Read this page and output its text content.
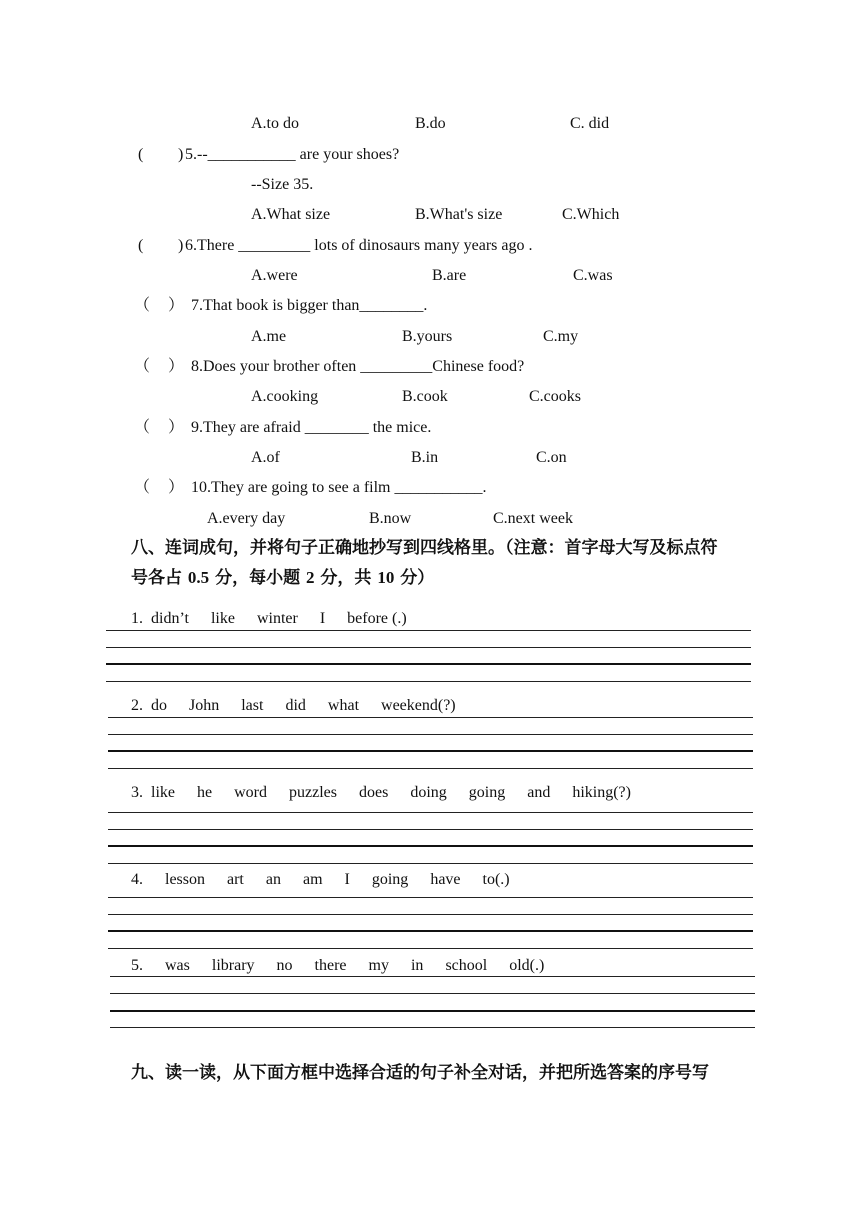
A.to do	B.do	C. did
( ) 5.--___________ are your shoes?
--Size 35.
A.What size	B.What's size	C.Which
( ) 6.There _________ lots of dinosaurs many years ago .
A.were	B.are	C.was
（ ） 7.That book is bigger than________.
A.me	B.yours	C.my
（ ） 8.Does your brother often _________Chinese food?
A.cooking	B.cook	C.cooks
（ ） 9.They are afraid ________ the mice.
A.of	B.in	C.on
（ ） 10.They are going to see a film ___________.
A.every day	B.now	C.next week
八、连词成句，并将句子正确地抄写到四线格里。（注意：首字母大写及标点符
号各占 0.5 分，每小题 2 分，共 10 分）
1. didn’t like winter I before (.)
2. do John last did what weekend(?)
3. like he word puzzles does doing going and hiking(?)
4. lesson art an am I going have to(.)
5. was library no there my in school old(.)
九、读一读，从下面方框中选择合适的句子补全对话，并把所选答案的序号写
